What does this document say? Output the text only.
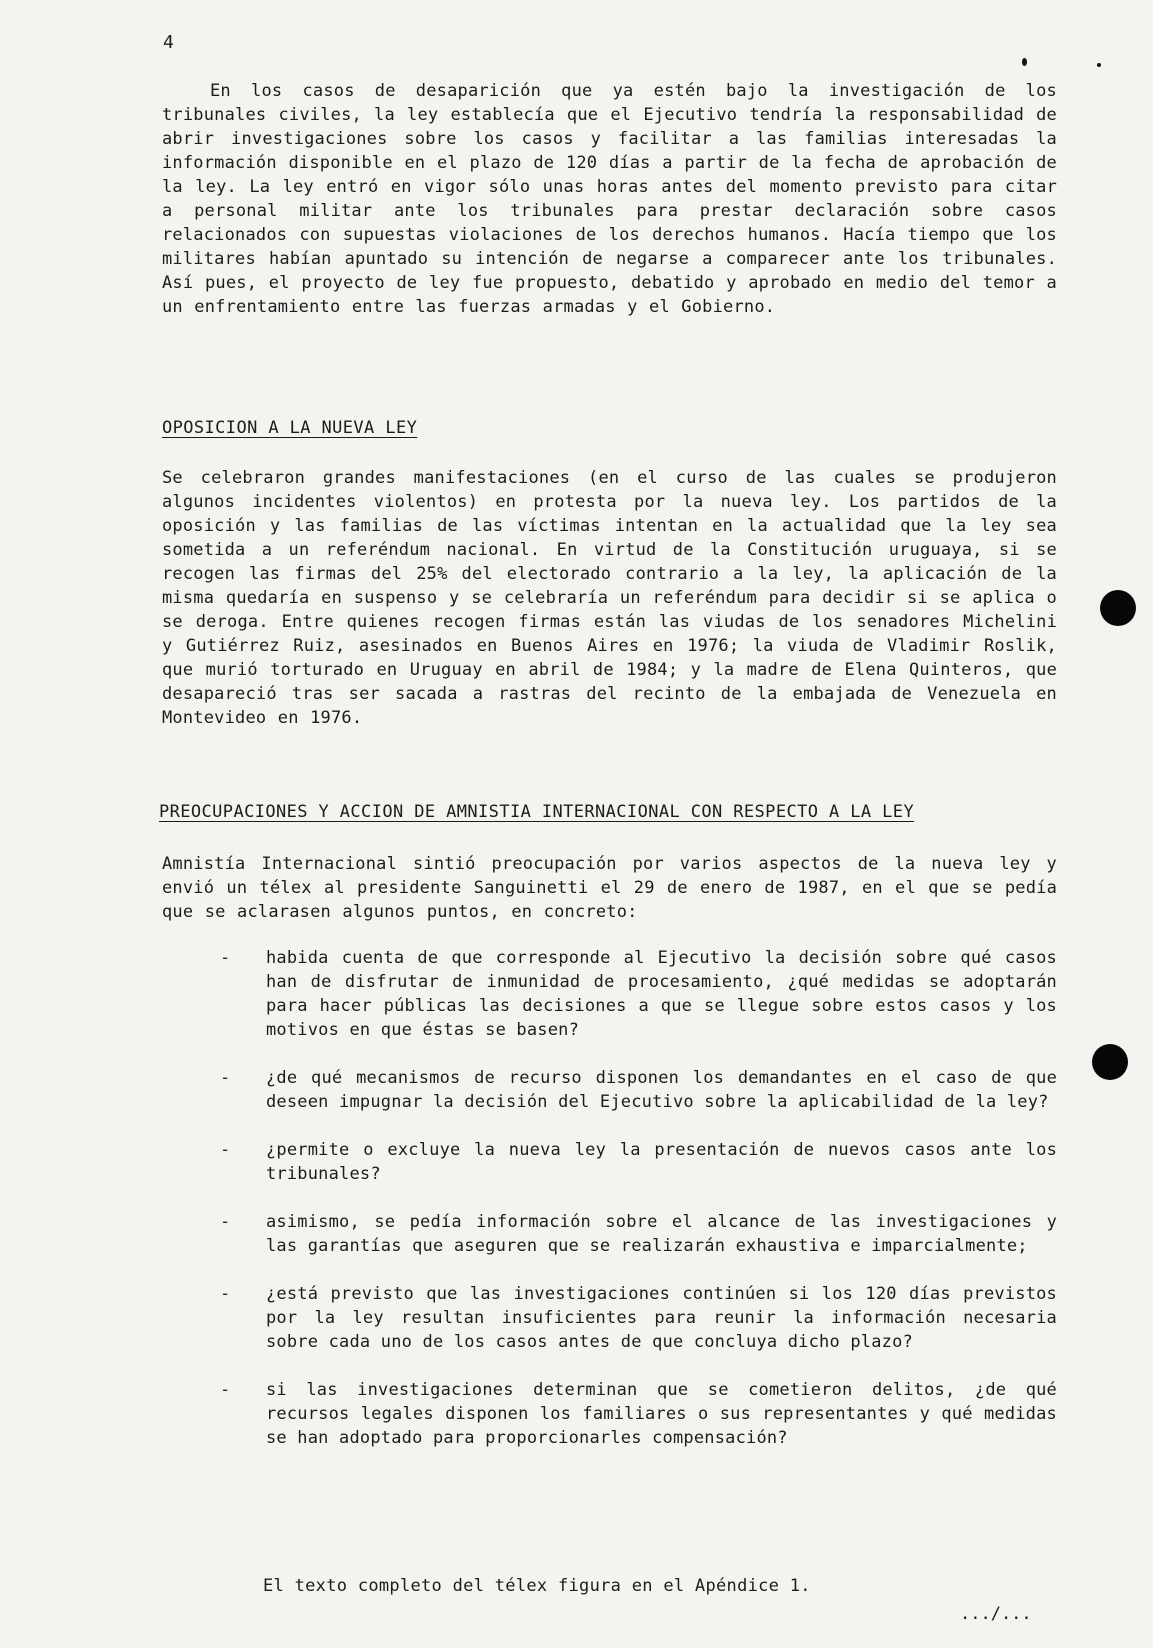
4
En los casos de desaparición que ya estén bajo la investigación de los tribunales civiles, la ley establecía que el Ejecutivo tendría la responsabilidad de abrir investigaciones sobre los casos y facilitar a las familias interesadas la información disponible en el plazo de 120 días a partir de la fecha de aprobación de la ley. La ley entró en vigor sólo unas horas antes del momento previsto para citar a personal militar ante los tribunales para prestar declaración sobre casos relacionados con supuestas violaciones de los derechos humanos. Hacía tiempo que los militares habían apuntado su intención de negarse a comparecer ante los tribunales. Así pues, el proyecto de ley fue propuesto, debatido y aprobado en medio del temor a un enfrentamiento entre las fuerzas armadas y el Gobierno.
OPOSICION A LA NUEVA LEY
Se celebraron grandes manifestaciones (en el curso de las cuales se produjeron algunos incidentes violentos) en protesta por la nueva ley. Los partidos de la oposición y las familias de las víctimas intentan en la actualidad que la ley sea sometida a un referéndum nacional. En virtud de la Constitución uruguaya, si se recogen las firmas del 25% del electorado contrario a la ley, la aplicación de la misma quedaría en suspenso y se celebraría un referéndum para decidir si se aplica o se deroga. Entre quienes recogen firmas están las viudas de los senadores Michelini y Gutiérrez Ruiz, asesinados en Buenos Aires en 1976; la viuda de Vladimir Roslik, que murió torturado en Uruguay en abril de 1984; y la madre de Elena Quinteros, que desapareció tras ser sacada a rastras del recinto de la embajada de Venezuela en Montevideo en 1976.
PREOCUPACIONES Y ACCION DE AMNISTIA INTERNACIONAL CON RESPECTO A LA LEY
Amnistía Internacional sintió preocupación por varios aspectos de la nueva ley y envió un télex al presidente Sanguinetti el 29 de enero de 1987, en el que se pedía que se aclarasen algunos puntos, en concreto:
- habida cuenta de que corresponde al Ejecutivo la decisión sobre qué casos han de disfrutar de inmunidad de procesamiento, ¿qué medidas se adoptarán para hacer públicas las decisiones a que se llegue sobre estos casos y los motivos en que éstas se basen?
- ¿de qué mecanismos de recurso disponen los demandantes en el caso de que deseen impugnar la decisión del Ejecutivo sobre la aplicabilidad de la ley?
- ¿permite o excluye la nueva ley la presentación de nuevos casos ante los tribunales?
- asimismo, se pedía información sobre el alcance de las investigaciones y las garantías que aseguren que se realizarán exhaustiva e imparcialmente;
- ¿está previsto que las investigaciones continúen si los 120 días previstos por la ley resultan insuficientes para reunir la información necesaria sobre cada uno de los casos antes de que concluya dicho plazo?
- si las investigaciones determinan que se cometieron delitos, ¿de qué recursos legales disponen los familiares o sus representantes y qué medidas se han adoptado para proporcionarles compensación?
El texto completo del télex figura en el Apéndice 1.
.../...
